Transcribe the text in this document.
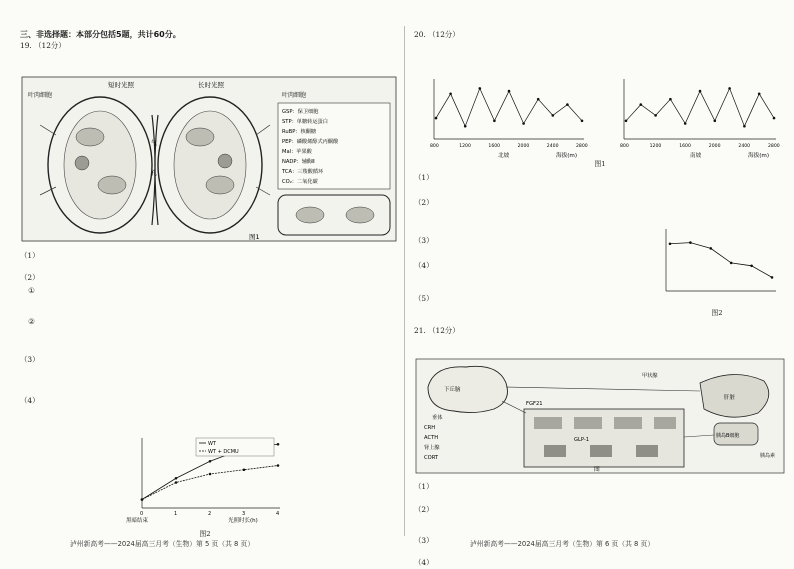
三、非选择题：本部分包括5题，共计60分。

19. （12分）

短时光照	长时光照
叶肉细胞	叶肉细胞
气
孔
GSP：保卫细胞
STP：单糖转运蛋白
RuBP：核酮糖
PEP：磷酸烯醇式丙酮酸
Mal：苹果酸
NADP：辅酶Ⅱ
TCA：三羧酸循环
CO₂：二氧化碳
图1

（1）

（2）

①

②

（3）

（4）

0	1	2	3	4
WT
WT + DCMU
黑暗结束	光照时长(h)
图2

20. （12分）

800	800
1200	1200
1600	1600
2000	2000
2400	2400
2800	2800
北坡	海拔(m)	南坡	海拔(m)
图1

（1）

（2）

图2

（3）

（4）

（5）

21. （12分）

下丘脑
垂体
CRH
ACTH
肾上腺
CORT
GLP-1
FGF21
肝脏
胰岛B细胞
胰岛素
甲状腺
图

（1）

（2）

（3）

（4）

泸州新高考——2024届高三月考（生物）第 5 页（共 8 页）	泸州新高考——2024届高三月考（生物）第 6 页（共 8 页）
